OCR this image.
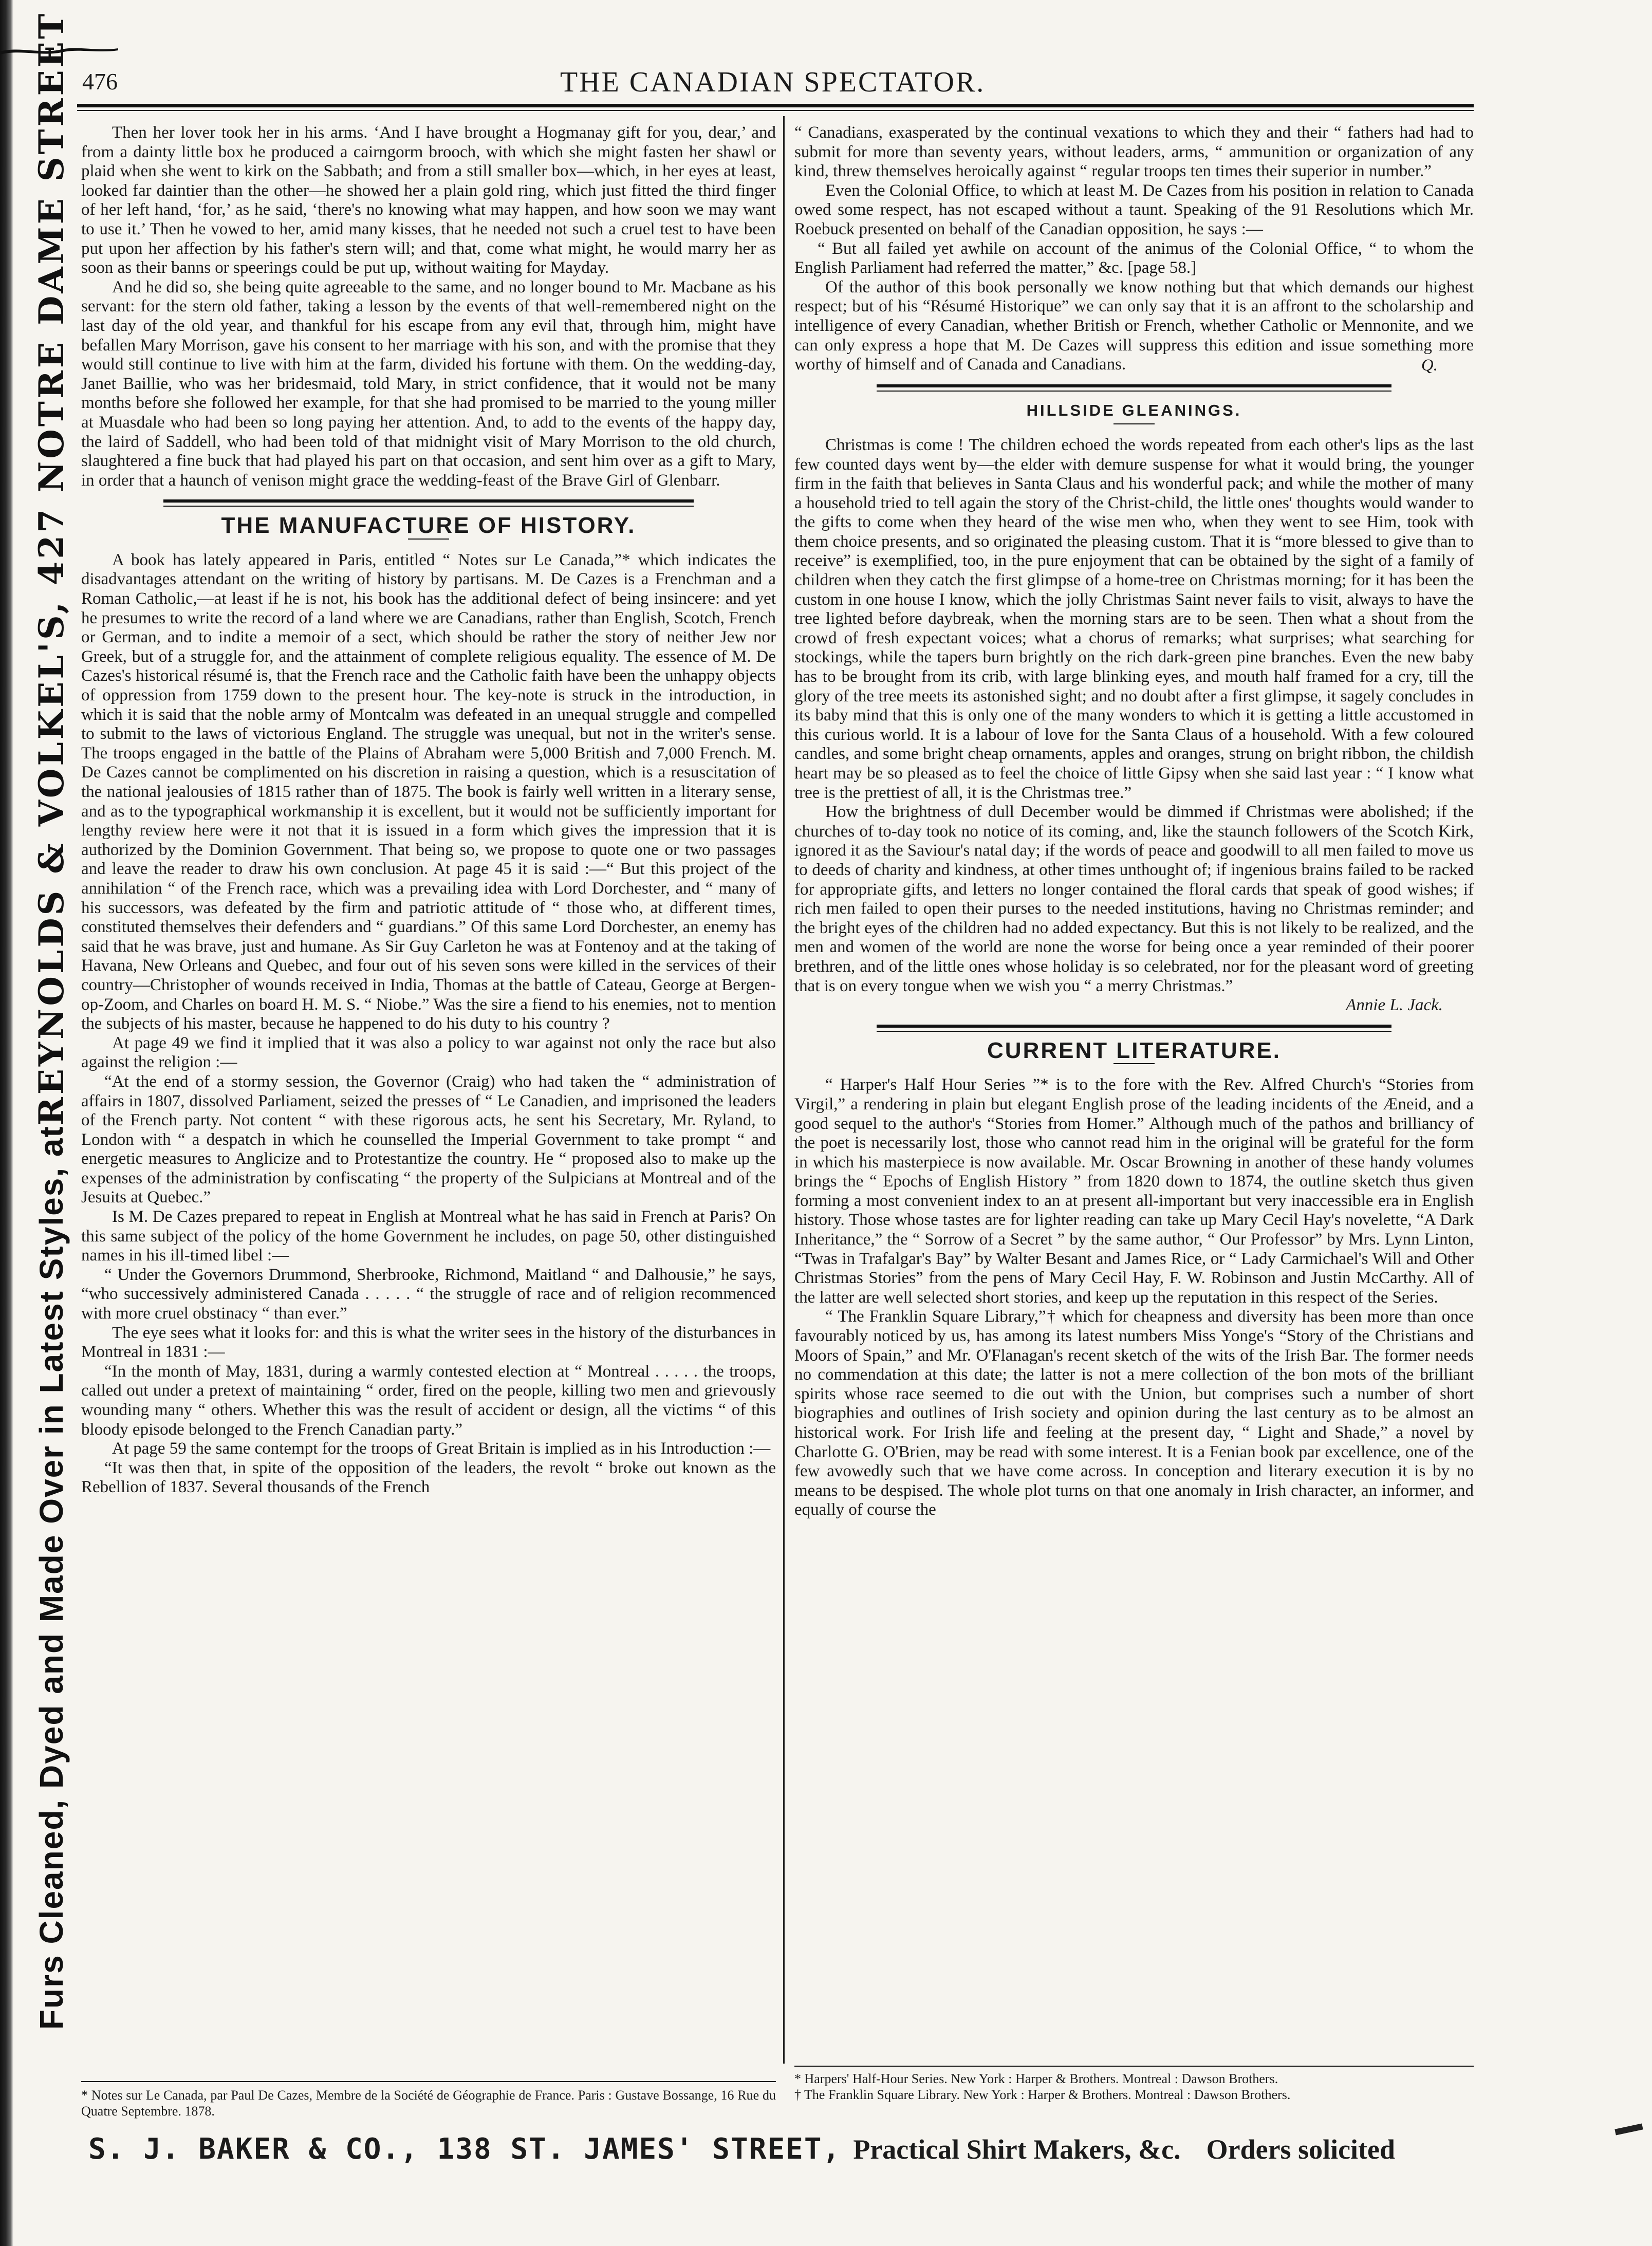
Furs Cleaned, Dyed and Made Over in Latest Styles, at
REYNOLDS & VOLKEL'S, 427 NOTRE DAME STREET 476	THE CANADIAN SPECTATOR.

Then her lover took her in his arms. ‘And I have brought a Hogmanay gift for you, dear,’ and from a dainty little box he produced a cairngorm brooch, with which she might fasten her shawl or plaid when she went to kirk on the Sabbath; and from a still smaller box—which, in her eyes at least, looked far daintier than the other—he showed her a plain gold ring, which just fitted the third finger of her left hand, ‘for,’ as he said, ‘there's no knowing what may happen, and how soon we may want to use it.’ Then he vowed to her, amid many kisses, that he needed not such a cruel test to have been put upon her affection by his father's stern will; and that, come what might, he would marry her as soon as their banns or speerings could be put up, without waiting for Mayday.

And he did so, she being quite agreeable to the same, and no longer bound to Mr. Macbane as his servant: for the stern old father, taking a lesson by the events of that well-remembered night on the last day of the old year, and thankful for his escape from any evil that, through him, might have befallen Mary Morrison, gave his consent to her marriage with his son, and with the promise that they would still continue to live with him at the farm, divided his fortune with them. On the wedding-day, Janet Baillie, who was her bridesmaid, told Mary, in strict confidence, that it would not be many months before she followed her example, for that she had promised to be married to the young miller at Muasdale who had been so long paying her attention. And, to add to the events of the happy day, the laird of Saddell, who had been told of that midnight visit of Mary Morrison to the old church, slaughtered a fine buck that had played his part on that occasion, and sent him over as a gift to Mary, in order that a haunch of venison might grace the wedding-feast of the Brave Girl of Glenbarr.

THE MANUFACTURE OF HISTORY.

A book has lately appeared in Paris, entitled “ Notes sur Le Canada,”* which indicates the disadvantages attendant on the writing of history by partisans. M. De Cazes is a Frenchman and a Roman Catholic,—at least if he is not, his book has the additional defect of being insincere: and yet he presumes to write the record of a land where we are Canadians, rather than English, Scotch, French or German, and to indite a memoir of a sect, which should be rather the story of neither Jew nor Greek, but of a struggle for, and the attainment of complete religious equality. The essence of M. De Cazes's historical résumé is, that the French race and the Catholic faith have been the unhappy objects of oppression from 1759 down to the present hour. The key-note is struck in the introduction, in which it is said that the noble army of Montcalm was defeated in an unequal struggle and compelled to submit to the laws of victorious England. The struggle was unequal, but not in the writer's sense. The troops engaged in the battle of the Plains of Abraham were 5,000 British and 7,000 French. M. De Cazes cannot be complimented on his discretion in raising a question, which is a resuscitation of the national jealousies of 1815 rather than of 1875. The book is fairly well written in a literary sense, and as to the typographical workmanship it is excellent, but it would not be sufficiently important for lengthy review here were it not that it is issued in a form which gives the impression that it is authorized by the Dominion Government. That being so, we propose to quote one or two passages and leave the reader to draw his own conclusion. At page 45 it is said :—“ But this project of the annihilation “ of the French race, which was a prevailing idea with Lord Dorchester, and “ many of his successors, was defeated by the firm and patriotic attitude of “ those who, at different times, constituted themselves their defenders and “ guardians.” Of this same Lord Dorchester, an enemy has said that he was brave, just and humane. As Sir Guy Carleton he was at Fontenoy and at the taking of Havana, New Orleans and Quebec, and four out of his seven sons were killed in the services of their country—Christopher of wounds received in India, Thomas at the battle of Cateau, George at Bergen-op-Zoom, and Charles on board H. M. S. “ Niobe.” Was the sire a fiend to his enemies, not to mention the subjects of his master, because he happened to do his duty to his country ?

At page 49 we find it implied that it was also a policy to war against not only the race but also against the religion :—

“At the end of a stormy session, the Governor (Craig) who had taken the “ administration of affairs in 1807, dissolved Parliament, seized the presses of “ Le Canadien, and imprisoned the leaders of the French party. Not content “ with these rigorous acts, he sent his Secretary, Mr. Ryland, to London with “ a despatch in which he counselled the Imperial Government to take prompt “ and energetic measures to Anglicize and to Protestantize the country. He “ proposed also to make up the expenses of the administration by confiscating “ the property of the Sulpicians at Montreal and of the Jesuits at Quebec.”

Is M. De Cazes prepared to repeat in English at Montreal what he has said in French at Paris? On this same subject of the policy of the home Government he includes, on page 50, other distinguished names in his ill-timed libel :—

“ Under the Governors Drummond, Sherbrooke, Richmond, Maitland “ and Dalhousie,” he says, “who successively administered Canada . . . . . “ the struggle of race and of religion recommenced with more cruel obstinacy “ than ever.”

The eye sees what it looks for: and this is what the writer sees in the history of the disturbances in Montreal in 1831 :—

“In the month of May, 1831, during a warmly contested election at “ Montreal . . . . . the troops, called out under a pretext of maintaining “ order, fired on the people, killing two men and grievously wounding many “ others. Whether this was the result of accident or design, all the victims “ of this bloody episode belonged to the French Canadian party.”

At page 59 the same contempt for the troops of Great Britain is implied as in his Introduction :—

“It was then that, in spite of the opposition of the leaders, the revolt “ broke out known as the Rebellion of 1837. Several thousands of the French

* Notes sur Le Canada, par Paul De Cazes, Membre de la Société de Géographie de France. Paris : Gustave Bossange, 16 Rue du Quatre Septembre. 1878.

“ Canadians, exasperated by the continual vexations to which they and their “ fathers had had to submit for more than seventy years, without leaders, arms, “ ammunition or organization of any kind, threw themselves heroically against “ regular troops ten times their superior in number.”

Even the Colonial Office, to which at least M. De Cazes from his position in relation to Canada owed some respect, has not escaped without a taunt. Speaking of the 91 Resolutions which Mr. Roebuck presented on behalf of the Canadian opposition, he says :—

“ But all failed yet awhile on account of the animus of the Colonial Office, “ to whom the English Parliament had referred the matter,” &c. [page 58.]

Of the author of this book personally we know nothing but that which demands our highest respect; but of his “Résumé Historique” we can only say that it is an affront to the scholarship and intelligence of every Canadian, whether British or French, whether Catholic or Mennonite, and we can only express a hope that M. De Cazes will suppress this edition and issue something more worthy of himself and of Canada and Canadians.	Q.
HILLSIDE GLEANINGS.

Christmas is come ! The children echoed the words repeated from each other's lips as the last few counted days went by—the elder with demure suspense for what it would bring, the younger firm in the faith that believes in Santa Claus and his wonderful pack; and while the mother of many a household tried to tell again the story of the Christ-child, the little ones' thoughts would wander to the gifts to come when they heard of the wise men who, when they went to see Him, took with them choice presents, and so originated the pleasing custom. That it is “more blessed to give than to receive” is exemplified, too, in the pure enjoyment that can be obtained by the sight of a family of children when they catch the first glimpse of a home-tree on Christmas morning; for it has been the custom in one house I know, which the jolly Christmas Saint never fails to visit, always to have the tree lighted before daybreak, when the morning stars are to be seen. Then what a shout from the crowd of fresh expectant voices; what a chorus of remarks; what surprises; what searching for stockings, while the tapers burn brightly on the rich dark-green pine branches. Even the new baby has to be brought from its crib, with large blinking eyes, and mouth half framed for a cry, till the glory of the tree meets its astonished sight; and no doubt after a first glimpse, it sagely concludes in its baby mind that this is only one of the many wonders to which it is getting a little accustomed in this curious world. It is a labour of love for the Santa Claus of a household. With a few coloured candles, and some bright cheap ornaments, apples and oranges, strung on bright ribbon, the childish heart may be so pleased as to feel the choice of little Gipsy when she said last year : “ I know what tree is the prettiest of all, it is the Christmas tree.”

How the brightness of dull December would be dimmed if Christmas were abolished; if the churches of to-day took no notice of its coming, and, like the staunch followers of the Scotch Kirk, ignored it as the Saviour's natal day; if the words of peace and goodwill to all men failed to move us to deeds of charity and kindness, at other times unthought of; if ingenious brains failed to be racked for appropriate gifts, and letters no longer contained the floral cards that speak of good wishes; if rich men failed to open their purses to the needed institutions, having no Christmas reminder; and the bright eyes of the children had no added expectancy. But this is not likely to be realized, and the men and women of the world are none the worse for being once a year reminded of their poorer brethren, and of the little ones whose holiday is so celebrated, nor for the pleasant word of greeting that is on every tongue when we wish you “ a merry Christmas.”

Annie L. Jack.

CURRENT LITERATURE.

“ Harper's Half Hour Series ”* is to the fore with the Rev. Alfred Church's “Stories from Virgil,” a rendering in plain but elegant English prose of the leading incidents of the Æneid, and a good sequel to the author's “Stories from Homer.” Although much of the pathos and brilliancy of the poet is necessarily lost, those who cannot read him in the original will be grateful for the form in which his masterpiece is now available. Mr. Oscar Browning in another of these handy volumes brings the “ Epochs of English History ” from 1820 down to 1874, the outline sketch thus given forming a most convenient index to an at present all-important but very inaccessible era in English history. Those whose tastes are for lighter reading can take up Mary Cecil Hay's novelette, “A Dark Inheritance,” the “ Sorrow of a Secret ” by the same author, “ Our Professor” by Mrs. Lynn Linton, “Twas in Trafalgar's Bay” by Walter Besant and James Rice, or “ Lady Carmichael's Will and Other Christmas Stories” from the pens of Mary Cecil Hay, F. W. Robinson and Justin McCarthy. All of the latter are well selected short stories, and keep up the reputation in this respect of the Series.

“ The Franklin Square Library,”† which for cheapness and diversity has been more than once favourably noticed by us, has among its latest numbers Miss Yonge's “Story of the Christians and Moors of Spain,” and Mr. O'Flanagan's recent sketch of the wits of the Irish Bar. The former needs no commendation at this date; the latter is not a mere collection of the bon mots of the brilliant spirits whose race seemed to die out with the Union, but comprises such a number of short biographies and outlines of Irish society and opinion during the last century as to be almost an historical work. For Irish life and feeling at the present day, “ Light and Shade,” a novel by Charlotte G. O'Brien, may be read with some interest. It is a Fenian book par excellence, one of the few avowedly such that we have come across. In conception and literary execution it is by no means to be despised. The whole plot turns on that one anomaly in Irish character, an informer, and equally of course the

* Harpers' Half-Hour Series. New York : Harper & Brothers. Montreal : Dawson Brothers.
† The Franklin Square Library. New York : Harper & Brothers. Montreal : Dawson Brothers.
S. J. BAKER & CO., 138 ST. JAMES' STREET, Practical Shirt Makers, &c. Orders solicited
